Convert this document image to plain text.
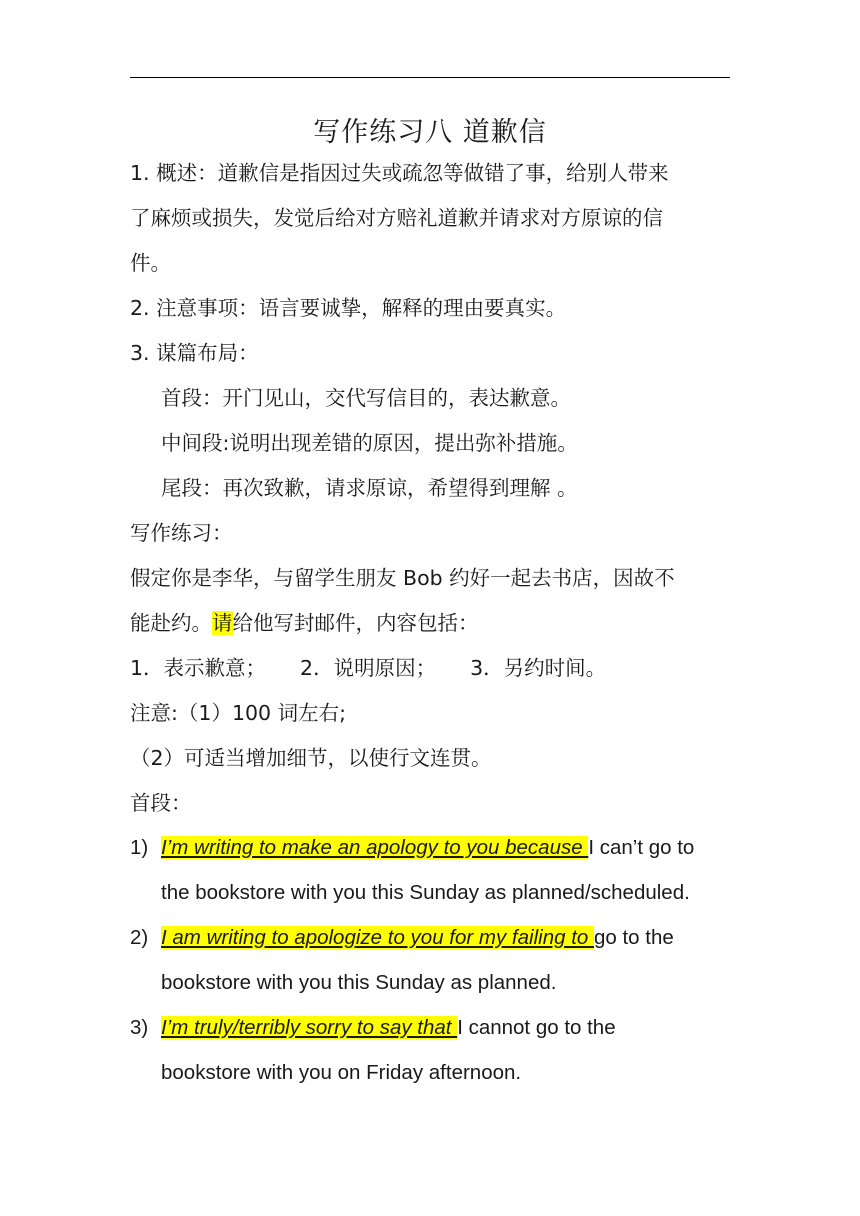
写作练习八 道歉信
1. 概述：道歉信是指因过失或疏忽等做错了事，给别人带来
了麻烦或损失，发觉后给对方赔礼道歉并请求对方原谅的信
件。
2. 注意事项：语言要诚挚，解释的理由要真实。
3. 谋篇布局：
首段：开门见山，交代写信目的，表达歉意。
中间段:说明出现差错的原因，提出弥补措施。
尾段：再次致歉，请求原谅，希望得到理解 。
写作练习：
假定你是李华，与留学生朋友 Bob 约好一起去书店，因故不
能赴约。请给他写封邮件，内容包括：
1．表示歉意； 2．说明原因； 3．另约时间。
注意:（1）100 词左右;
（2）可适当增加细节，以使行文连贯。
首段：
1) I’m writing to make an apology to you because I can’t go to
the bookstore with you this Sunday as planned/scheduled.
2) I am writing to apologize to you for my failing to go to the
bookstore with you this Sunday as planned.
3) I’m truly/terribly sorry to say that I cannot go to the
bookstore with you on Friday afternoon.
